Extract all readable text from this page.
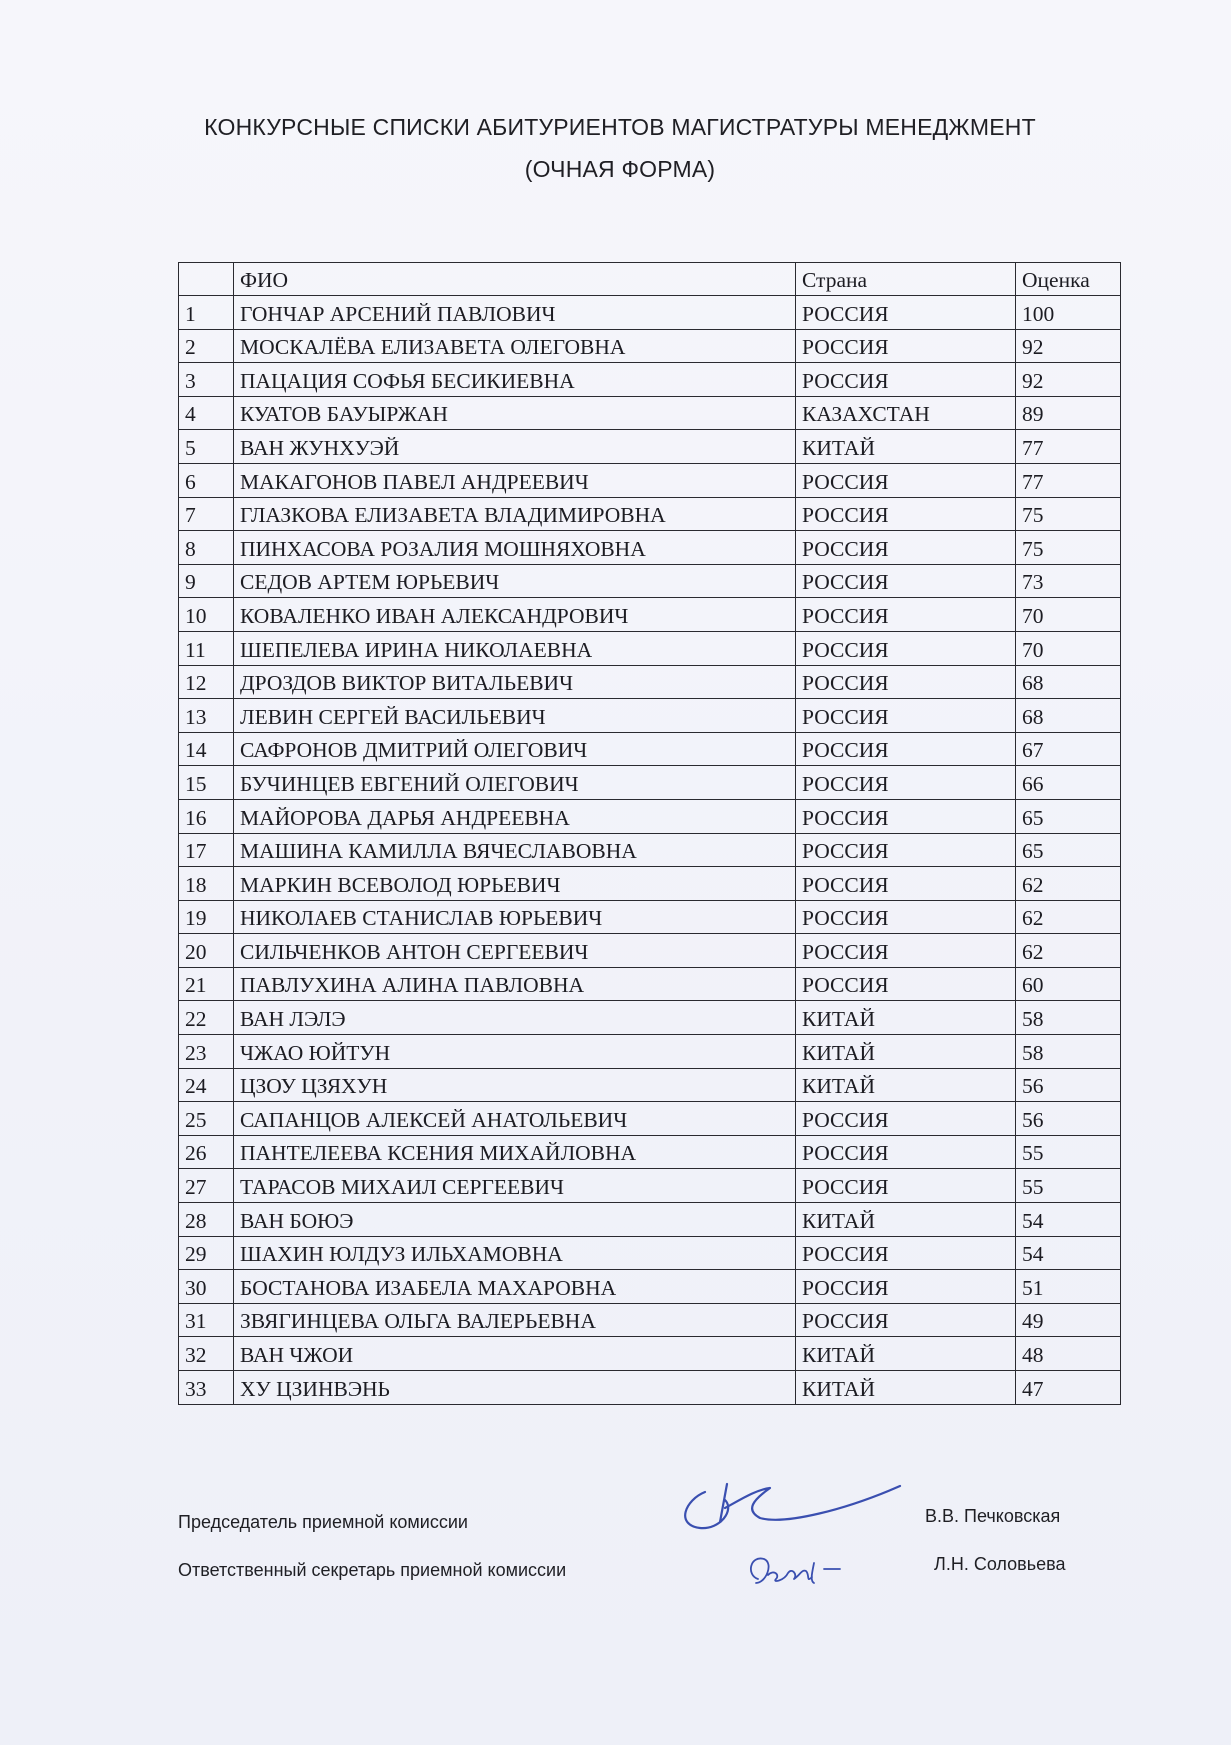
КОНКУРСНЫЕ СПИСКИ АБИТУРИЕНТОВ МАГИСТРАТУРЫ МЕНЕДЖМЕНТ
(ОЧНАЯ ФОРМА)
	ФИО	Страна	Оценка
1	ГОНЧАР АРСЕНИЙ ПАВЛОВИЧ	РОССИЯ	100
2	МОСКАЛЁВА ЕЛИЗАВЕТА ОЛЕГОВНА	РОССИЯ	92
3	ПАЦАЦИЯ СОФЬЯ БЕСИКИЕВНА	РОССИЯ	92
4	КУАТОВ БАУЫРЖАН	КАЗАХСТАН	89
5	ВАН ЖУНХУЭЙ	КИТАЙ	77
6	МАКАГОНОВ ПАВЕЛ АНДРЕЕВИЧ	РОССИЯ	77
7	ГЛАЗКОВА ЕЛИЗАВЕТА ВЛАДИМИРОВНА	РОССИЯ	75
8	ПИНХАСОВА РОЗАЛИЯ МОШНЯХОВНА	РОССИЯ	75
9	СЕДОВ АРТЕМ ЮРЬЕВИЧ	РОССИЯ	73
10	КОВАЛЕНКО ИВАН АЛЕКСАНДРОВИЧ	РОССИЯ	70
11	ШЕПЕЛЕВА ИРИНА НИКОЛАЕВНА	РОССИЯ	70
12	ДРОЗДОВ ВИКТОР ВИТАЛЬЕВИЧ	РОССИЯ	68
13	ЛЕВИН СЕРГЕЙ ВАСИЛЬЕВИЧ	РОССИЯ	68
14	САФРОНОВ ДМИТРИЙ ОЛЕГОВИЧ	РОССИЯ	67
15	БУЧИНЦЕВ ЕВГЕНИЙ ОЛЕГОВИЧ	РОССИЯ	66
16	МАЙОРОВА ДАРЬЯ АНДРЕЕВНА	РОССИЯ	65
17	МАШИНА КАМИЛЛА ВЯЧЕСЛАВОВНА	РОССИЯ	65
18	МАРКИН ВСЕВОЛОД ЮРЬЕВИЧ	РОССИЯ	62
19	НИКОЛАЕВ СТАНИСЛАВ ЮРЬЕВИЧ	РОССИЯ	62
20	СИЛЬЧЕНКОВ АНТОН СЕРГЕЕВИЧ	РОССИЯ	62
21	ПАВЛУХИНА АЛИНА ПАВЛОВНА	РОССИЯ	60
22	ВАН ЛЭЛЭ	КИТАЙ	58
23	ЧЖАО ЮЙТУН	КИТАЙ	58
24	ЦЗОУ ЦЗЯХУН	КИТАЙ	56
25	САПАНЦОВ АЛЕКСЕЙ АНАТОЛЬЕВИЧ	РОССИЯ	56
26	ПАНТЕЛЕЕВА КСЕНИЯ МИХАЙЛОВНА	РОССИЯ	55
27	ТАРАСОВ МИХАИЛ СЕРГЕЕВИЧ	РОССИЯ	55
28	ВАН БОЮЭ	КИТАЙ	54
29	ШАХИН ЮЛДУЗ ИЛЬХАМОВНА	РОССИЯ	54
30	БОСТАНОВА ИЗАБЕЛА МАХАРОВНА	РОССИЯ	51
31	ЗВЯГИНЦЕВА ОЛЬГА ВАЛЕРЬЕВНА	РОССИЯ	49
32	ВАН ЧЖОИ	КИТАЙ	48
33	ХУ ЦЗИНВЭНЬ	КИТАЙ	47
Председатель приемной комиссии	В.В. Печковская
Ответственный секретарь приемной комиссии	Л.Н. Соловьева
